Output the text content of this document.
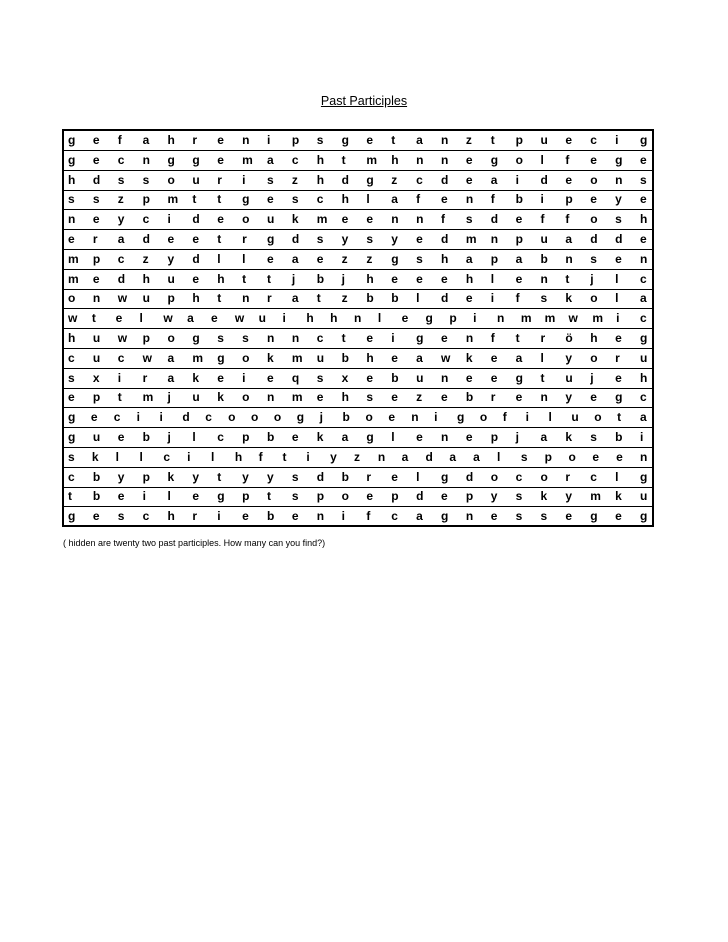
Past Participles
g e f a h r e n i p s g e t a n z t p u e c i g
g e c n g g e m a c h t m h n n e g o l f e g e
h d s s o u r i s z h d g z c d e a i d e o n s
s s z p m t t g e s c h l a f e n f b i p e y e
n e y c i d e o u k m e e n n f s d e f f o s h
e r a d e e t r g d s y s y e d m n p u a d d e
m p c z y d l l e a e z z g s h a p a b n s e n
m e d h u e h t t j b j h e e e h l e n t j l c
o n w u p h t n r a t z b b l d e i f s k o l a
w t e l w a e w u i h h n l e g p i n m m w m i c
h u w p o g s s n n c t e i g e n f t r ö h e g
c u c w a m g o k m u b h e a w k e a l y o r u
s x i r a k e i e q s x e b u n e e g t u j e h
e p t m j u k o n m e h s e z e b r e n y e g c
g e c i i d c o o o g j b o e n i g o f i l u o t a
g u e b j l c p b e k a g l e n e p j a k s b i
s k l l c i l h f t i y z n a d a a l s p o e e n
c b y p k y t y y s d b r e l g d o c o r c l g
t b e i l e g p t s p o e p d e p y s k y m k u
g e s c h r i e b e n i f c a g n e s s e g e g

( hidden are twenty two past participles. How many can you find?)
